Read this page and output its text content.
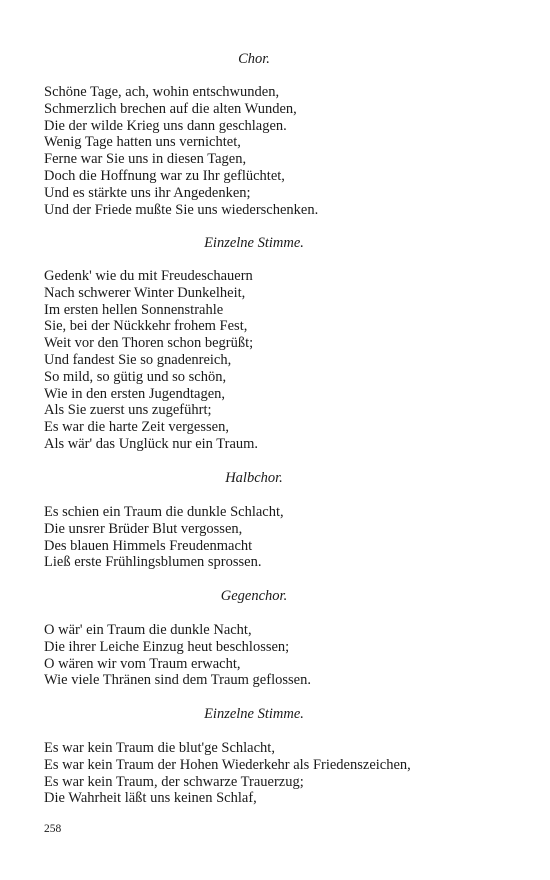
Chor.
Schöne Tage, ach, wohin entschwunden,
Schmerzlich brechen auf die alten Wunden,
Die der wilde Krieg uns dann geschlagen.
Wenig Tage hatten uns vernichtet,
Ferne war Sie uns in diesen Tagen,
Doch die Hoffnung war zu Ihr geflüchtet,
Und es stärkte uns ihr Angedenken;
Und der Friede mußte Sie uns wiederschenken.
Einzelne Stimme.
Gedenk' wie du mit Freudeschauern
Nach schwerer Winter Dunkelheit,
Im ersten hellen Sonnenstrahle
Sie, bei der Nückkehr frohem Fest,
Weit vor den Thoren schon begrüßt;
Und fandest Sie so gnadenreich,
So mild, so gütig und so schön,
Wie in den ersten Jugendtagen,
Als Sie zuerst uns zugeführt;
Es war die harte Zeit vergessen,
Als wär' das Unglück nur ein Traum.
Halbchor.
Es schien ein Traum die dunkle Schlacht,
Die unsrer Brüder Blut vergossen,
Des blauen Himmels Freudenmacht
Ließ erste Frühlingsblumen sprossen.
Gegenchor.
O wär' ein Traum die dunkle Nacht,
Die ihrer Leiche Einzug heut beschlossen;
O wären wir vom Traum erwacht,
Wie viele Thränen sind dem Traum geflossen.
Einzelne Stimme.
Es war kein Traum die blut'ge Schlacht,
Es war kein Traum der Hohen Wiederkehr als Friedenszeichen,
Es war kein Traum, der schwarze Trauerzug;
Die Wahrheit läßt uns keinen Schlaf,
258
